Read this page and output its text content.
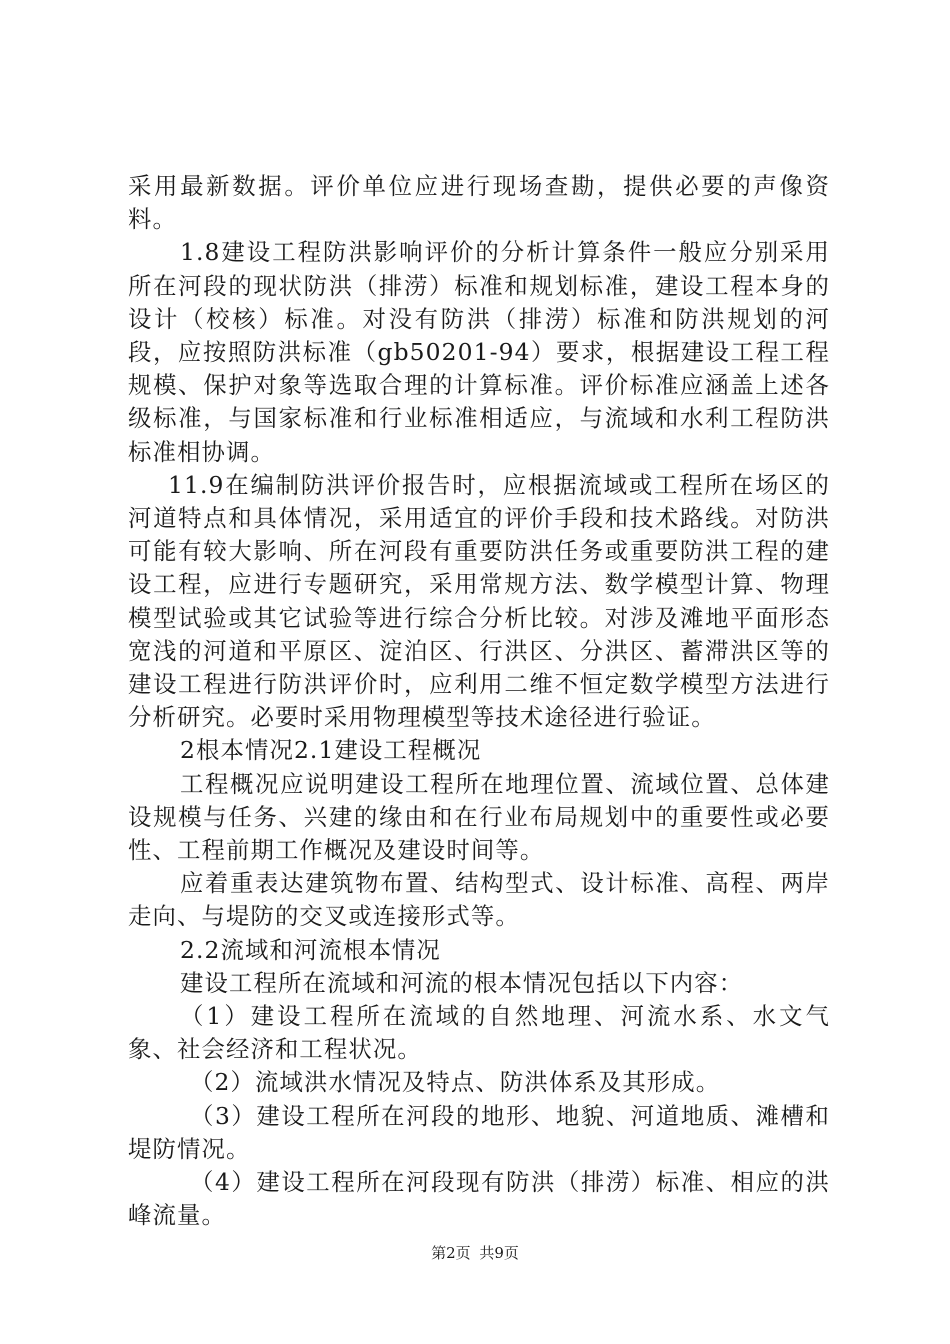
采用最新数据。评价单位应进行现场查勘，提供必要的声像资料。

1.8建设工程防洪影响评价的分析计算条件一般应分别采用所在河段的现状防洪（排涝）标准和规划标准，建设工程本身的设计（校核）标准。对没有防洪（排涝）标准和防洪规划的河段，应按照防洪标准（gb50201-94）要求，根据建设工程工程规模、保护对象等选取合理的计算标准。评价标准应涵盖上述各级标准，与国家标准和行业标准相适应，与流域和水利工程防洪标准相协调。

11.9在编制防洪评价报告时，应根据流域或工程所在场区的河道特点和具体情况，采用适宜的评价手段和技术路线。对防洪可能有较大影响、所在河段有重要防洪任务或重要防洪工程的建设工程，应进行专题研究，采用常规方法、数学模型计算、物理模型试验或其它试验等进行综合分析比较。对涉及滩地平面形态宽浅的河道和平原区、淀泊区、行洪区、分洪区、蓄滞洪区等的建设工程进行防洪评价时，应利用二维不恒定数学模型方法进行分析研究。必要时采用物理模型等技术途径进行验证。

2根本情况2.1建设工程概况

工程概况应说明建设工程所在地理位置、流域位置、总体建设规模与任务、兴建的缘由和在行业布局规划中的重要性或必要性、工程前期工作概况及建设时间等。

应着重表达建筑物布置、结构型式、设计标准、高程、两岸走向、与堤防的交叉或连接形式等。

2.2流域和河流根本情况

建设工程所在流域和河流的根本情况包括以下内容：

（1）建设工程所在流域的自然地理、河流水系、水文气象、社会经济和工程状况。

（2）流域洪水情况及特点、防洪体系及其形成。

（3）建设工程所在河段的地形、地貌、河道地质、滩槽和堤防情况。

（4）建设工程所在河段现有防洪（排涝）标准、相应的洪峰流量。

第2页 共9页
